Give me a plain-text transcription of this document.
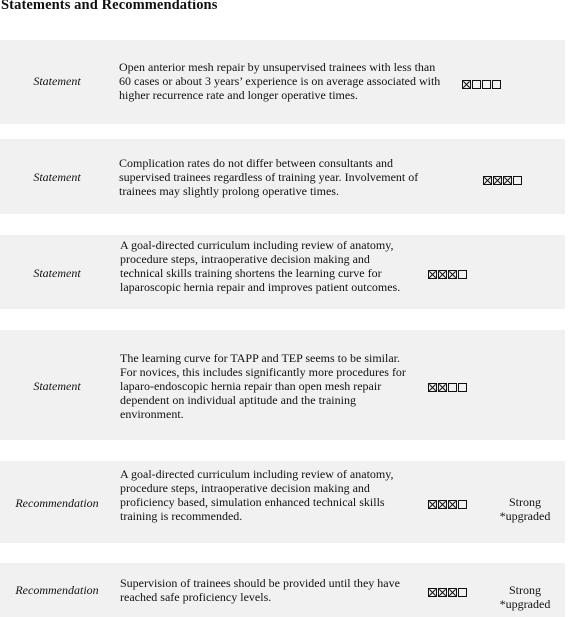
Statements and Recommendations
Statement
Open anterior mesh repair by unsupervised trainees with less than 60 cases or about 3 years’ experience is on average associated with higher recurrence rate and longer operative times.
Statement
Complication rates do not differ between consultants and supervised trainees regardless of training year. Involvement of trainees may slightly prolong operative times.
Statement
A goal-directed curriculum including review of anatomy, procedure steps, intraoperative decision making and technical skills training shortens the learning curve for laparoscopic hernia repair and improves patient outcomes.
Statement
The learning curve for TAPP and TEP seems to be similar. For novices, this includes significantly more procedures for laparo-endoscopic hernia repair than open mesh repair dependent on individual aptitude and the training environment.
Recommendation
A goal-directed curriculum including review of anatomy, procedure steps, intraoperative decision making and proficiency based, simulation enhanced technical skills training is recommended.
Strong
*upgraded
Recommendation	Supervision of trainees should be provided until they have reached safe proficiency levels.	Strong
*upgraded
